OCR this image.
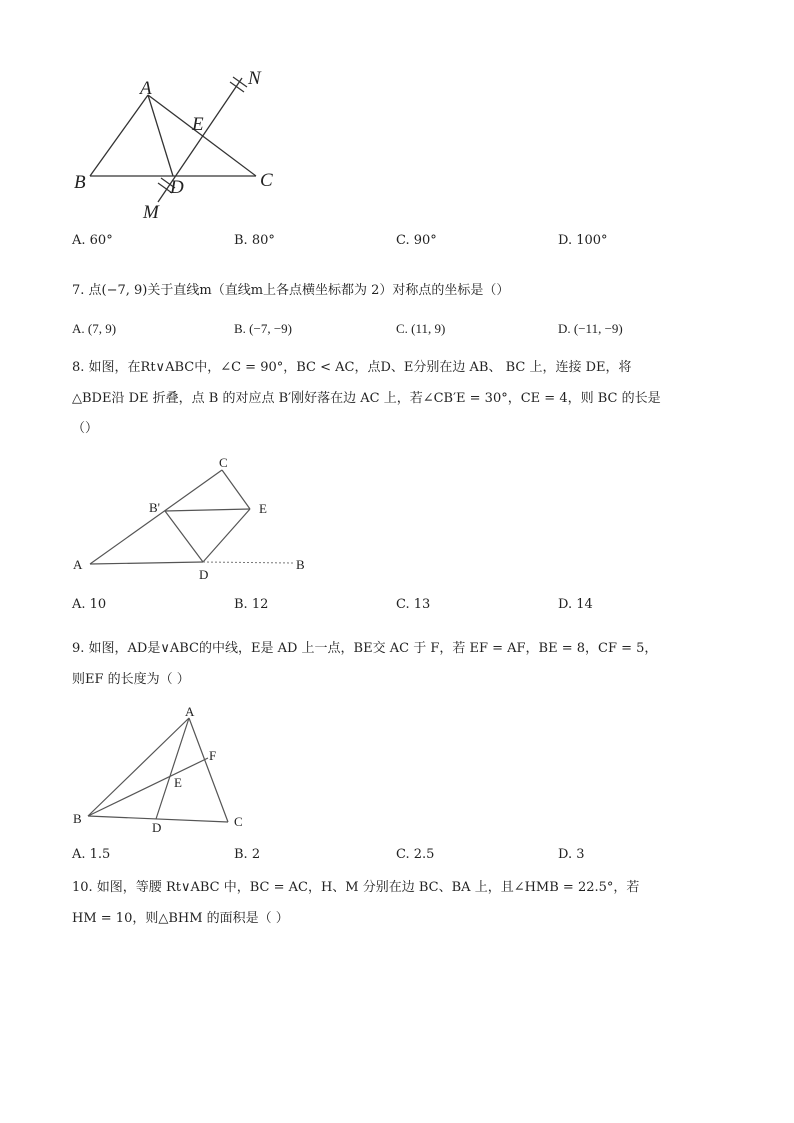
A
B	C
D
E
M
N
A. 60°	B. 80°	C. 90°	D. 100°
7. 点(−7, 9)关于直线m（直线m上各点横坐标都为 2）对称点的坐标是（）
A. (7, 9)	B. (−7, −9)	C. (11, 9)	D. (−11, −9)
8. 如图，在Rt∨ABC中，∠C = 90°，BC < AC，点D、E分别在边 AB、 BC 上，连接 DE，将
△BDE沿 DE 折叠，点 B 的对应点 B′刚好落在边 AC 上，若∠CB′E = 30°，CE = 4，则 BC 的长是
（）
A	B
B'
C
D
E
A. 10	B. 12	C. 13	D. 14
9. 如图，AD是∨ABC的中线，E是 AD 上一点，BE交 AC 于 F，若 EF = AF，BE = 8，CF = 5，
则EF 的长度为（ ）
A
B	C
D
E
F
A. 1.5	B. 2	C. 2.5	D. 3
10. 如图，等腰 Rt∨ABC 中，BC = AC，H、M 分别在边 BC、BA 上，且∠HMB = 22.5°，若
HM = 10，则△BHM 的面积是（ ）
